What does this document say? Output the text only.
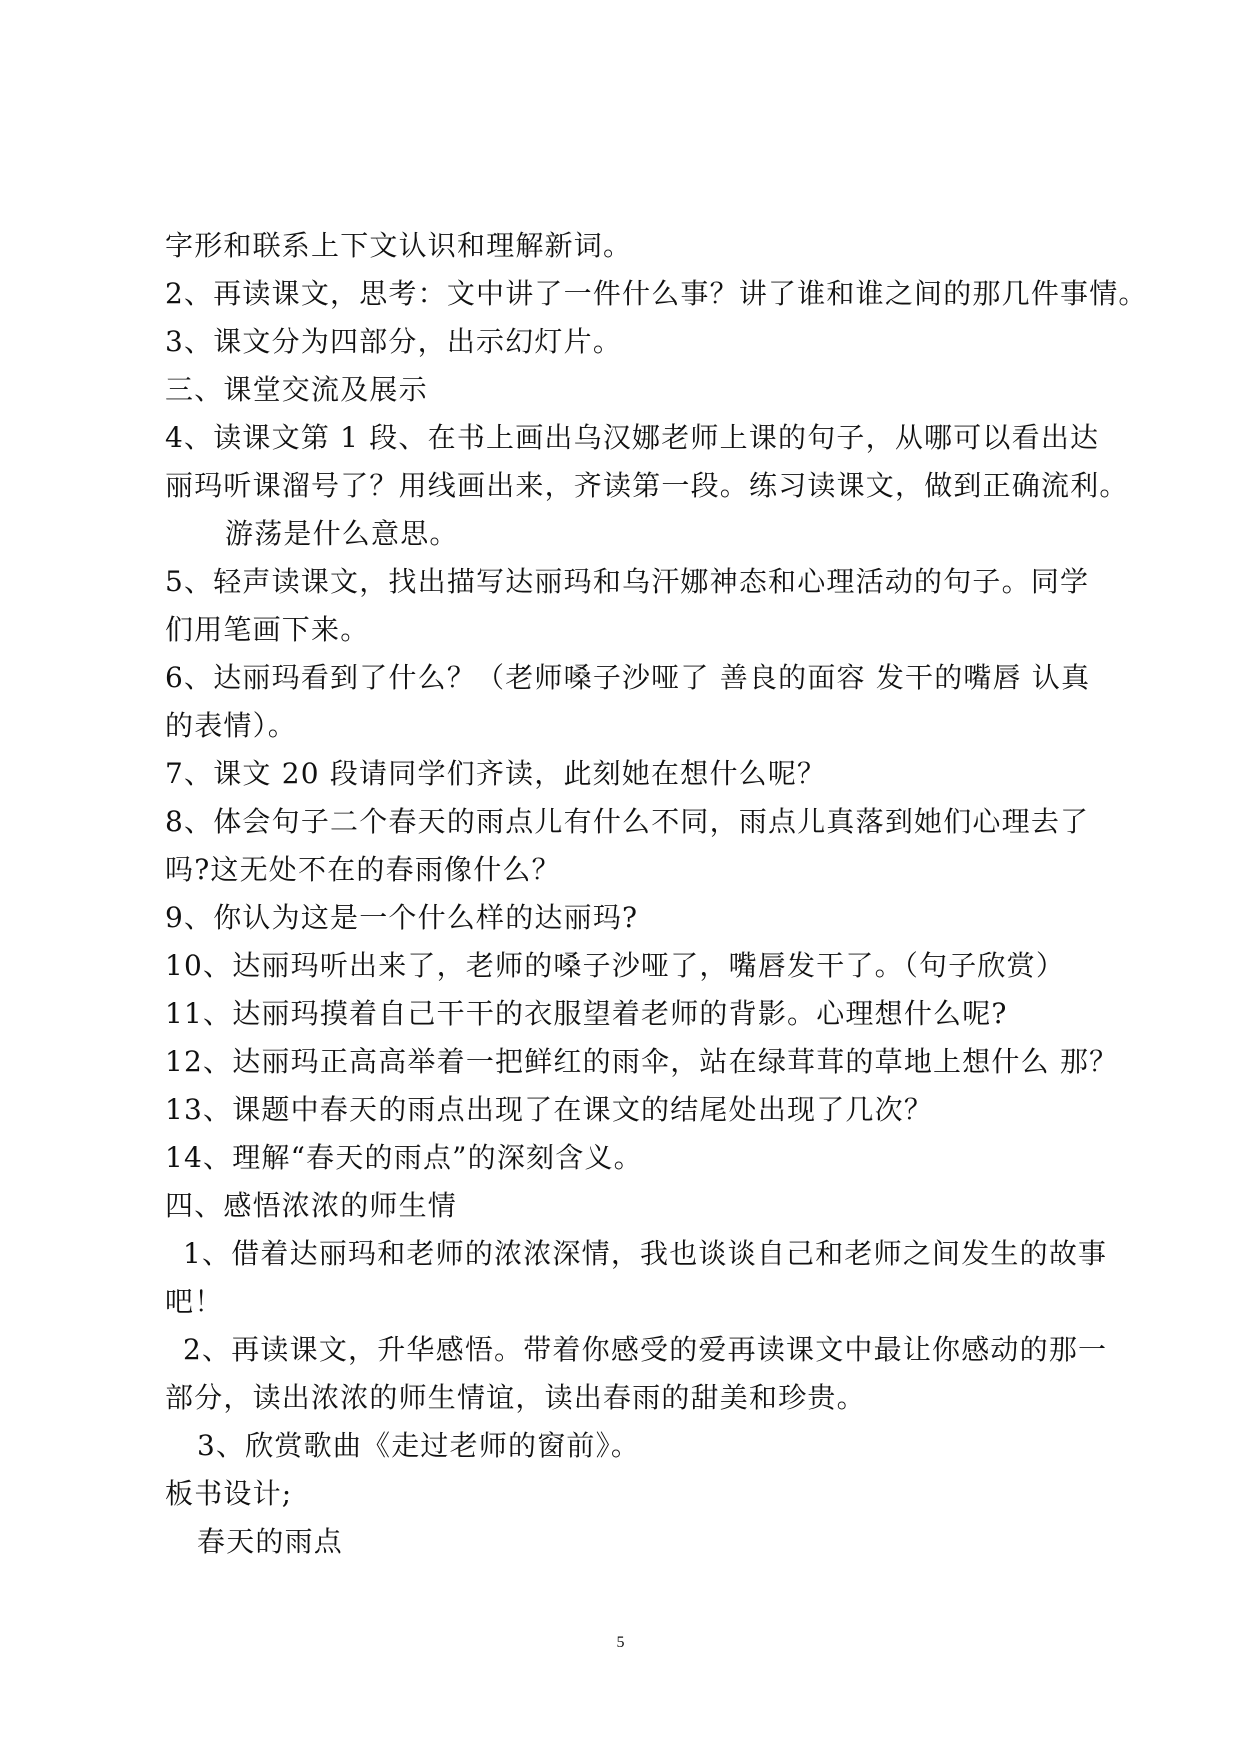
字形和联系上下文认识和理解新词。
2、再读课文，思考：文中讲了一件什么事？讲了谁和谁之间的那几件事情。
3、课文分为四部分，出示幻灯片。
三、课堂交流及展示
4、读课文第 1 段、在书上画出乌汉娜老师上课的句子，从哪可以看出达
丽玛听课溜号了？用线画出来，齐读第一段。练习读课文，做到正确流利。
游荡是什么意思。
5、轻声读课文，找出描写达丽玛和乌汗娜神态和心理活动的句子。同学
们用笔画下来。
6、达丽玛看到了什么？（老师嗓子沙哑了 善良的面容 发干的嘴唇 认真
的表情）。
7、课文 20 段请同学们齐读，此刻她在想什么呢？
8、体会句子二个春天的雨点儿有什么不同，雨点儿真落到她们心理去了
吗?这无处不在的春雨像什么？
9、你认为这是一个什么样的达丽玛?
10、达丽玛听出来了，老师的嗓子沙哑了，嘴唇发干了。（句子欣赏）
11、达丽玛摸着自己干干的衣服望着老师的背影。心理想什么呢?
12、达丽玛正高高举着一把鲜红的雨伞，站在绿茸茸的草地上想什么 那？
13、课题中春天的雨点出现了在课文的结尾处出现了几次？
14、理解“春天的雨点”的深刻含义。
四、感悟浓浓的师生情
1、借着达丽玛和老师的浓浓深情，我也谈谈自己和老师之间发生的故事
吧！
2、再读课文，升华感悟。带着你感受的爱再读课文中最让你感动的那一
部分，读出浓浓的师生情谊，读出春雨的甜美和珍贵。
3、欣赏歌曲《走过老师的窗前》。
板书设计;
春天的雨点
5
